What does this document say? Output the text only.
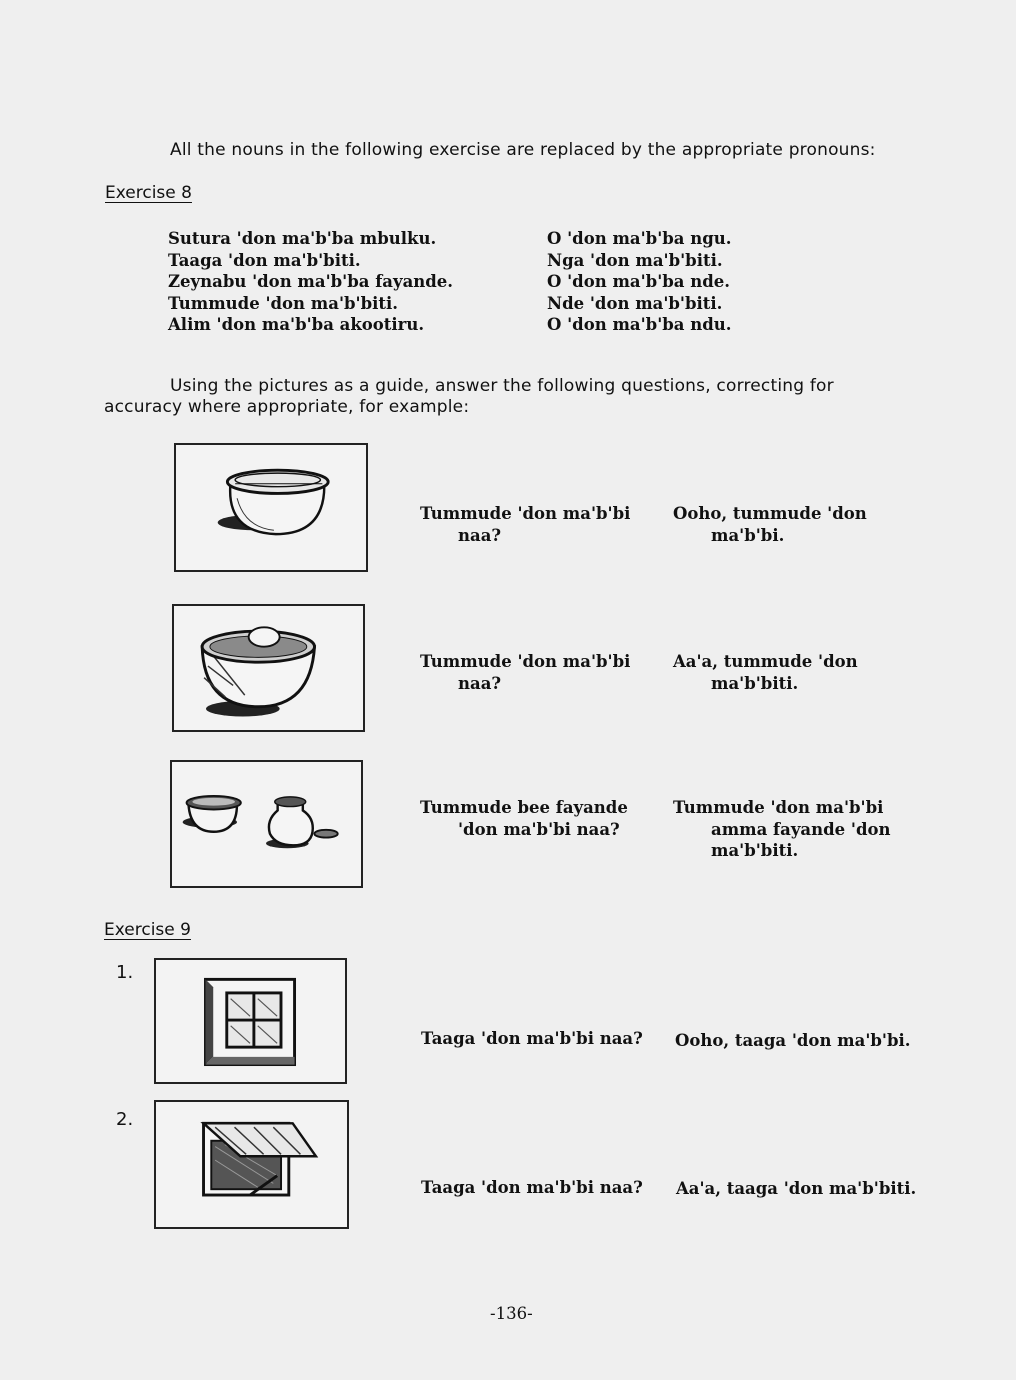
All the nouns in the following exercise are replaced by the appropriate pronouns:
Exercise 8
Sutura 'don ma'b'ba mbulku.
Taaga 'don ma'b'biti.
Zeynabu 'don ma'b'ba fayande.
Tummude 'don ma'b'biti.
Alim 'don ma'b'ba akootiru.
O 'don ma'b'ba ngu.
Nga 'don ma'b'biti.
O 'don ma'b'ba nde.
Nde 'don ma'b'biti.
O 'don ma'b'ba ndu.
Using the pictures as a guide, answer the following questions, correcting for
accuracy where appropriate, for example:
Tummude 'don ma'b'bi
naa?
Ooho, tummude 'don
ma'b'bi.
Tummude 'don ma'b'bi
naa?
Aa'a, tummude 'don
ma'b'biti.
Tummude bee fayande
'don ma'b'bi naa?
Tummude 'don ma'b'bi
amma fayande 'don
ma'b'biti.
Exercise 9
1.
Taaga 'don ma'b'bi naa? Ooho, taaga 'don ma'b'bi.
2.
Taaga 'don ma'b'bi naa? Aa'a, taaga 'don ma'b'biti.
-136-
